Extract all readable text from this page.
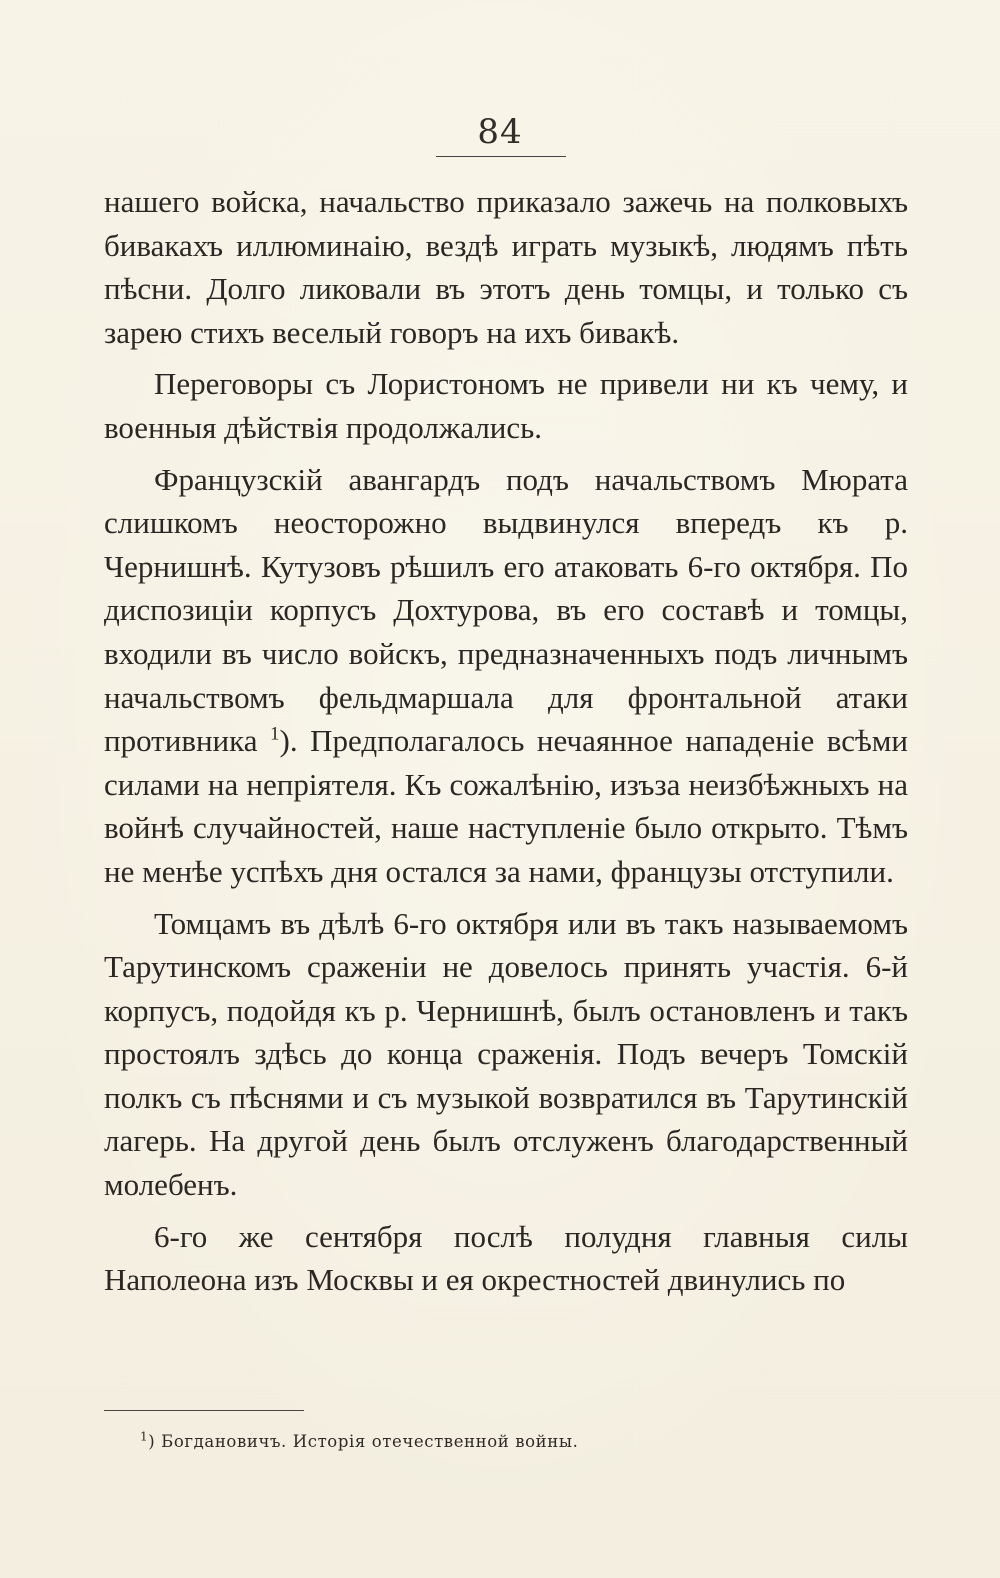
84

нашего войска, начальство приказало зажечь на полковыхъ бивакахъ иллюминаію, вездѣ играть музыкѣ, людямъ пѣть пѣсни. Долго ликовали въ этотъ день томцы, и только съ зарею стихъ веселый говоръ на ихъ бивакѣ.

Переговоры съ Лористономъ не привели ни къ чему, и военныя дѣйствія продолжались.

Французскій авангардъ подъ начальствомъ Мюрата слишкомъ неосторожно выдвинулся впередъ къ р. Чернишнѣ. Кутузовъ рѣшилъ его атаковать 6-го октября. По диспозиціи корпусъ Дохтурова, въ его составѣ и томцы, входили въ число войскъ, предназначенныхъ подъ личнымъ начальствомъ фельдмаршала для фронтальной атаки противника $^1$). Предполагалось нечаянное нападеніе всѣми силами на непріятеля. Къ сожалѣнію, изъза неизбѣжныхъ на войнѣ случайностей, наше наступленіе было открыто. Тѣмъ не менѣе успѣхъ дня остался за нами, французы отступили.

Томцамъ въ дѣлѣ 6-го октября или въ такъ называемомъ Тарутинскомъ сраженіи не довелось принять участія. 6-й корпусъ, подойдя къ р. Чернишнѣ, былъ остановленъ и такъ простоялъ здѣсь до конца сраженія. Подъ вечеръ Томскій полкъ съ пѣснями и съ музыкой возвратился въ Тарутинскій лагерь. На другой день былъ отслуженъ благодарственный молебенъ.

6-го же сентября послѣ полудня главныя силы Наполеона изъ Москвы и ея окрестностей двинулись по

$^1$) Богдановичъ. Исторія отечественной войны.
